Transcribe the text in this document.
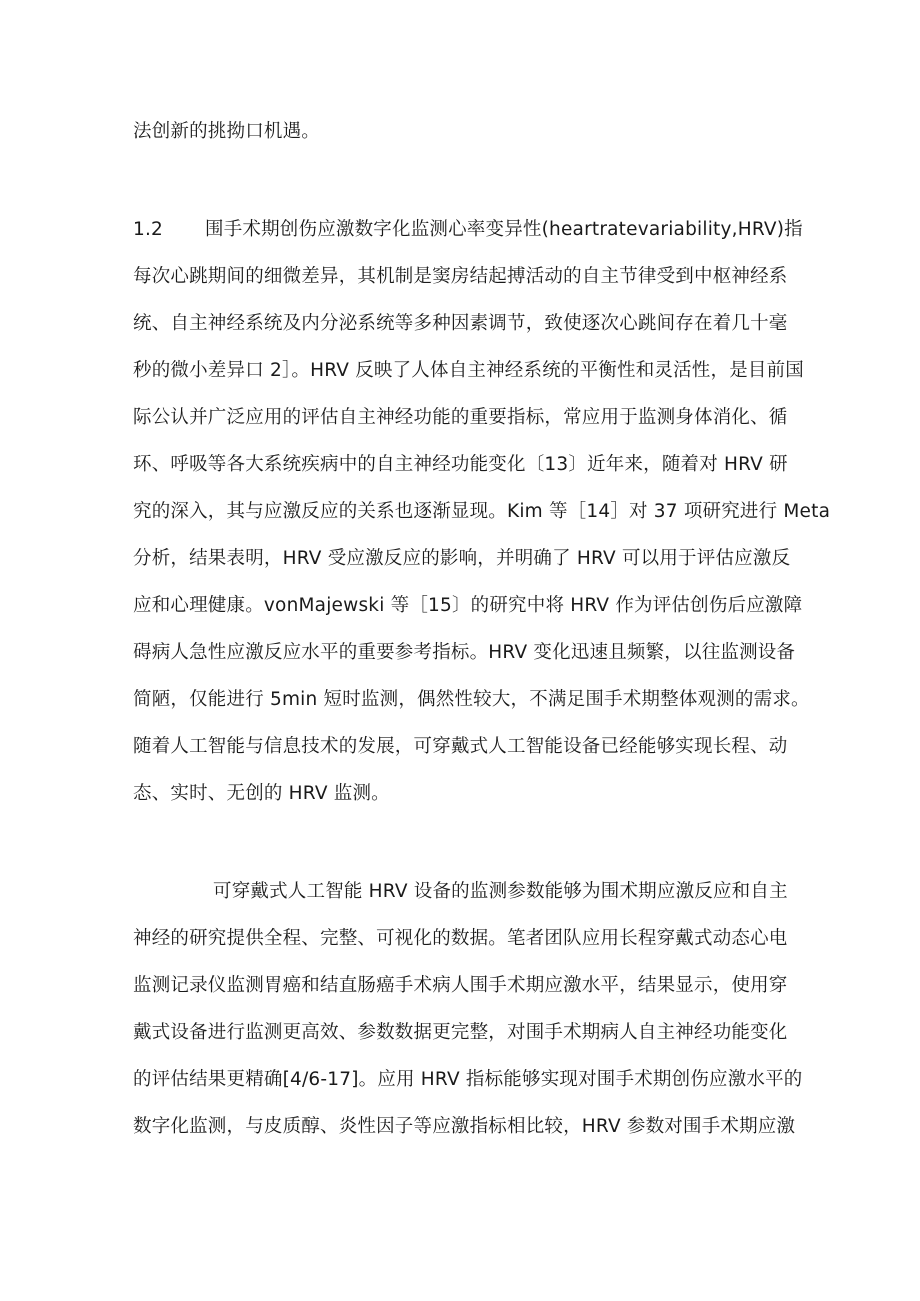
法创新的挑拗口机遇。
1.2 围手术期创伤应激数字化监测心率变异性(heartratevariability,HRV)指
每次心跳期间的细微差异，其机制是窦房结起搏活动的自主节律受到中枢神经系
统、自主神经系统及内分泌系统等多种因素调节，致使逐次心跳间存在着几十毫
秒的微小差异口 2］。HRV 反映了人体自主神经系统的平衡性和灵活性，是目前国
际公认并广泛应用的评估自主神经功能的重要指标，常应用于监测身体消化、循
环、呼吸等各大系统疾病中的自主神经功能变化〔13〕近年来，随着对 HRV 研
究的深入，其与应激反应的关系也逐渐显现。Kim 等［14］对 37 项研究进行 Meta
分析，结果表明，HRV 受应激反应的影响，并明确了 HRV 可以用于评估应激反
应和心理健康。vonMajewski 等［15〕的研究中将 HRV 作为评估创伤后应激障
碍病人急性应激反应水平的重要参考指标。HRV 变化迅速且频繁，以往监测设备
简陋，仅能进行 5min 短时监测，偶然性较大，不满足围手术期整体观测的需求。
随着人工智能与信息技术的发展，可穿戴式人工智能设备已经能够实现长程、动
态、实时、无创的 HRV 监测。
可穿戴式人工智能 HRV 设备的监测参数能够为围术期应激反应和自主
神经的研究提供全程、完整、可视化的数据。笔者团队应用长程穿戴式动态心电
监测记录仪监测胃癌和结直肠癌手术病人围手术期应激水平，结果显示，使用穿
戴式设备进行监测更高效、参数数据更完整，对围手术期病人自主神经功能变化
的评估结果更精确[4/6-17]。应用 HRV 指标能够实现对围手术期创伤应激水平的
数字化监测，与皮质醇、炎性因子等应激指标相比较，HRV 参数对围手术期应激
